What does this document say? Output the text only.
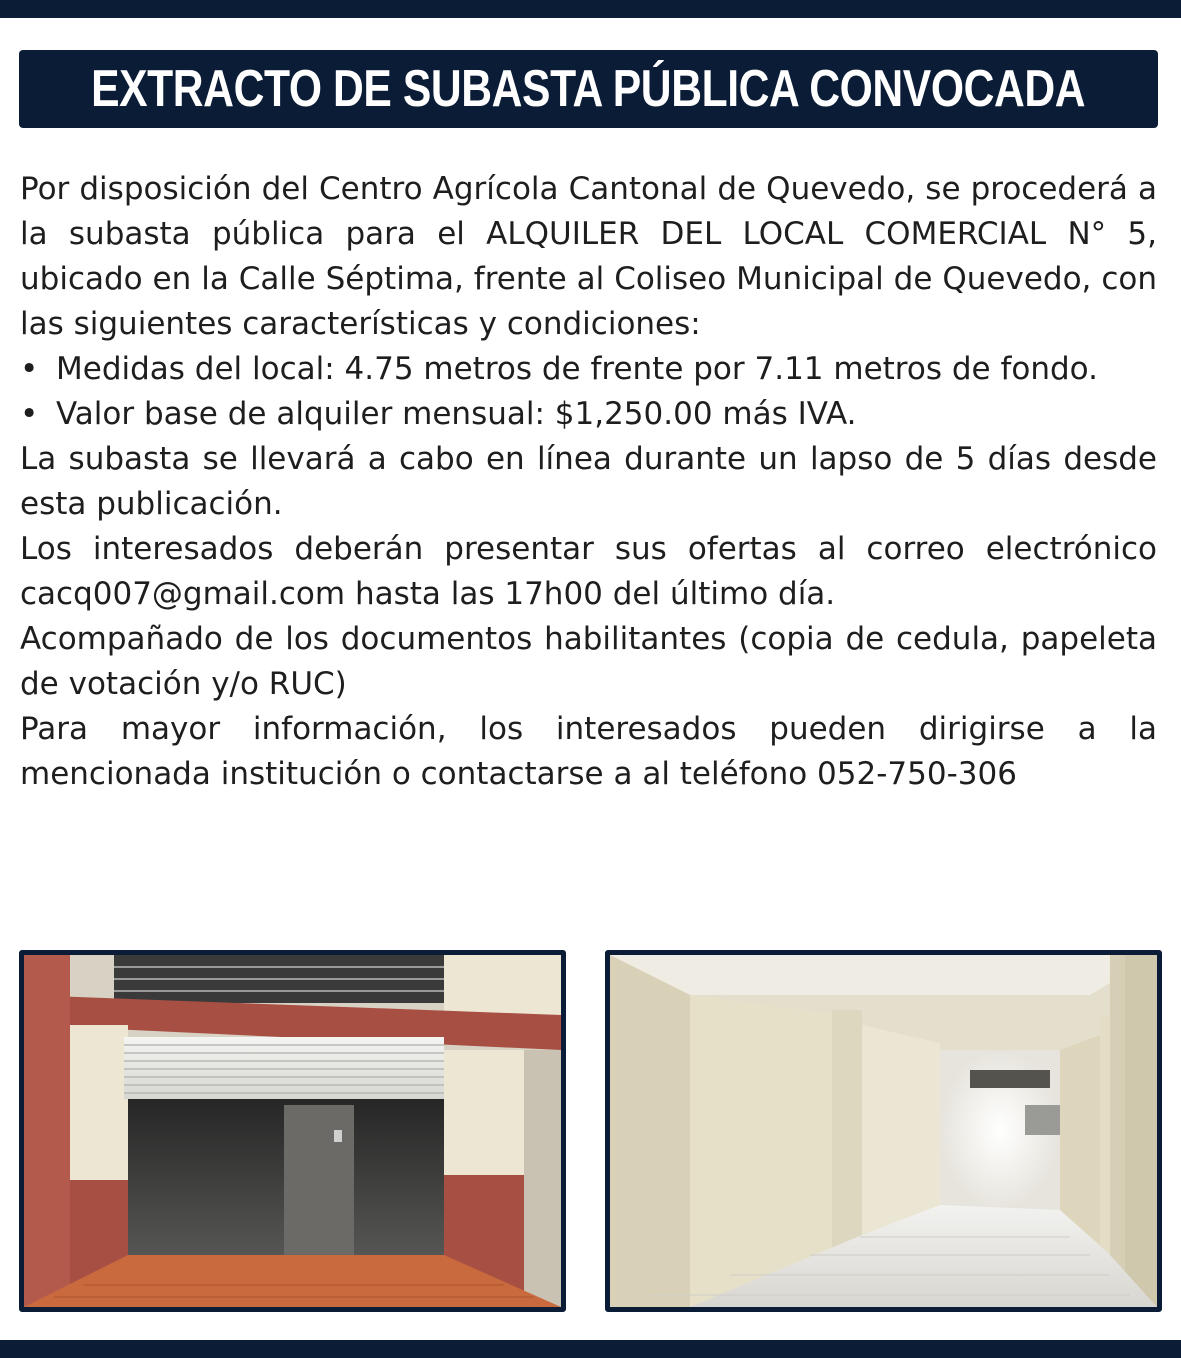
EXTRACTO DE SUBASTA PÚBLICA CONVOCADA

Por disposición del Centro Agrícola Cantonal de Quevedo, se procederá a la subasta pública para el ALQUILER DEL LOCAL COMERCIAL N° 5, ubicado en la Calle Séptima, frente al Coliseo Municipal de Quevedo, con las siguientes características y condiciones:

• Medidas del local: 4.75 metros de frente por 7.11 metros de fondo.

• Valor base de alquiler mensual: $1,250.00 más IVA.

La subasta se llevará a cabo en línea durante un lapso de 5 días desde esta publicación.

Los interesados deberán presentar sus ofertas al correo electrónico cacq007@gmail.com hasta las 17h00 del último día.

Acompañado de los documentos habilitantes (copia de cedula, papeleta de votación y/o RUC)

Para mayor información, los interesados pueden dirigirse a la mencionada institución o contactarse a al teléfono 052-750-306
